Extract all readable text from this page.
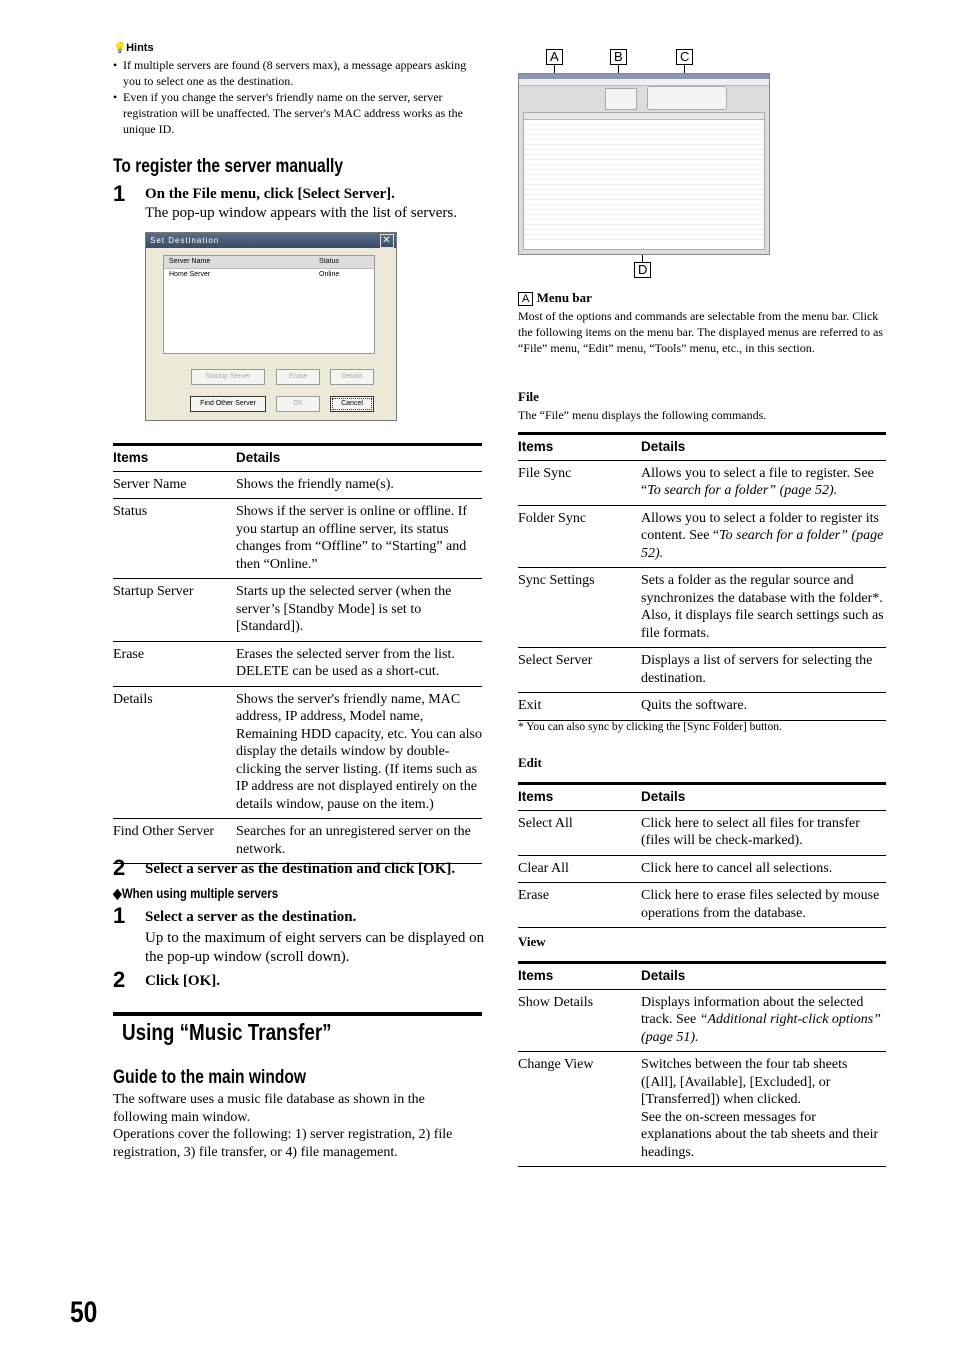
💡 Hints
• If multiple servers are found (8 servers max), a message appears asking you to select one as the destination.
• Even if you change the server's friendly name on the server, server registration will be unaffected. The server's MAC address works as the unique ID.
To register the server manually
1 On the File menu, click [Select Server].
The pop-up window appears with the list of servers.
Set Destination	✕
Server Name	Status
Home Server	Online
Startup Server	Erase	Details
Find Other Server	OK	Cancel
Items	Details
Server Name	Shows the friendly name(s).
Status	Shows if the server is online or offline. If you startup an offline server, its status changes from “Offline” to “Starting” and then “Online.”
Startup Server	Starts up the selected server (when the server’s [Standby Mode] is set to [Standard]).
Erase	Erases the selected server from the list. DELETE can be used as a short-cut.
Details	Shows the server's friendly name, MAC address, IP address, Model name, Remaining HDD capacity, etc. You can also display the details window by double-clicking the server listing. (If items such as IP address are not displayed entirely on the details window, pause on the item.)
Find Other Server	Searches for an unregistered server on the network.
2 Select a server as the destination and click [OK].
◆When using multiple servers
1 Select a server as the destination.
Up to the maximum of eight servers can be displayed on the pop-up window (scroll down).
2 Click [OK].
Using “Music Transfer”
Guide to the main window
The software uses a music file database as shown in the following main window.
Operations cover the following: 1) server registration, 2) file registration, 3) file transfer, or 4) file management.
50
A	B	C
D
A Menu bar
Most of the options and commands are selectable from the menu bar. Click the following items on the menu bar. The displayed menus are referred to as “File” menu, “Edit” menu, “Tools” menu, etc., in this section.
File
The “File” menu displays the following commands.
Items	Details
File Sync	Allows you to select a file to register. See “To search for a folder” (page 52).
Folder Sync	Allows you to select a folder to register its content. See “To search for a folder” (page 52).
Sync Settings	Sets a folder as the regular source and synchronizes the database with the folder*. Also, it displays file search settings such as file formats.
Select Server	Displays a list of servers for selecting the destination.
Exit	Quits the software.
* You can also sync by clicking the [Sync Folder] button.
Edit
Items	Details
Select All	Click here to select all files for transfer (files will be check-marked).
Clear All	Click here to cancel all selections.
Erase	Click here to erase files selected by mouse operations from the database.
View
Items	Details
Show Details	Displays information about the selected track. See “Additional right-click options” (page 51).
Change View	Switches between the four tab sheets ([All], [Available], [Excluded], or [Transferred]) when clicked.
See the on-screen messages for explanations about the tab sheets and their headings.
